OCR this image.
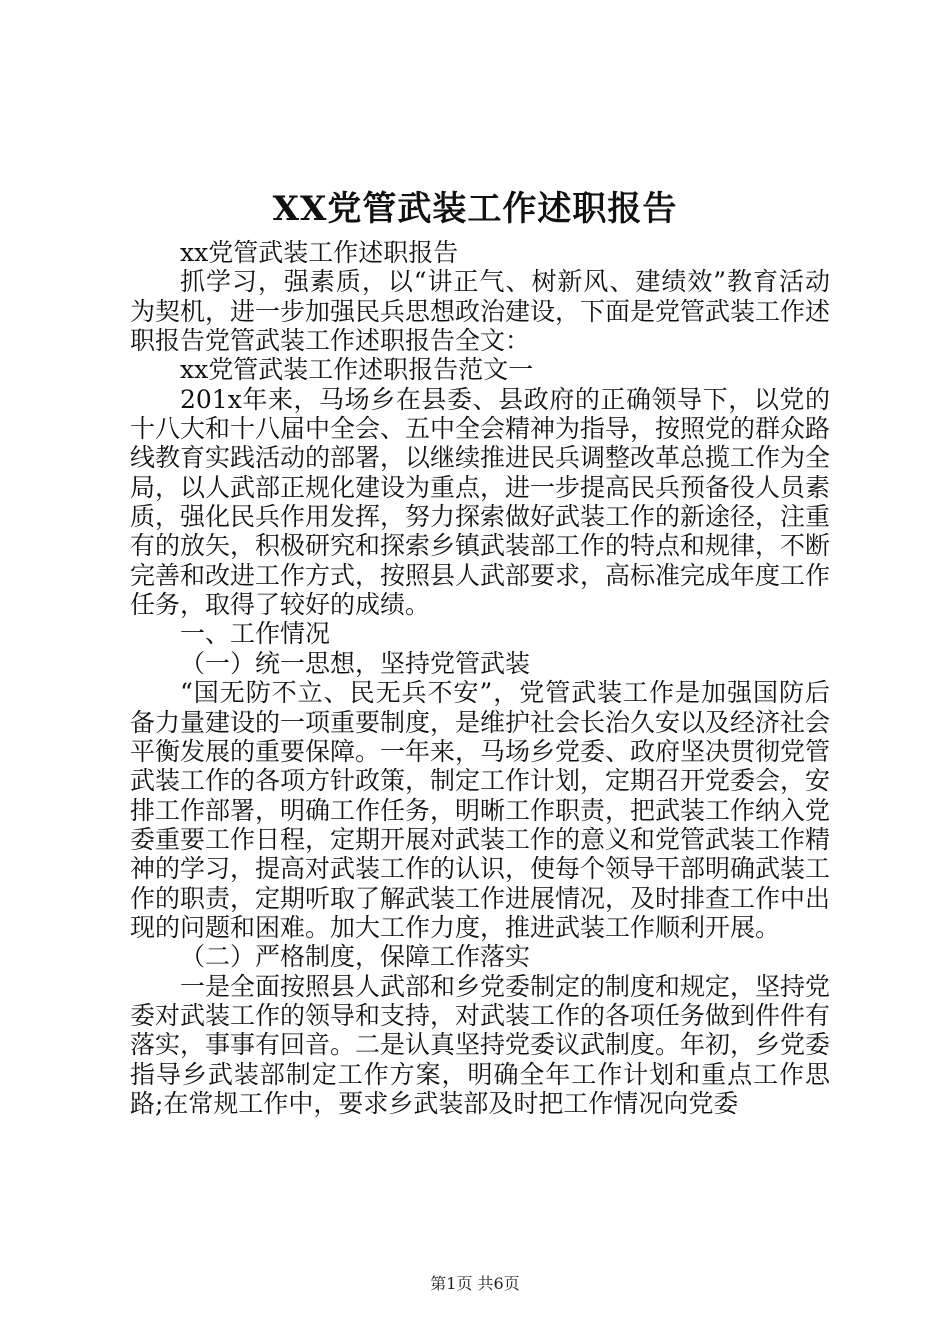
XX党管武装工作述职报告

xx党管武装工作述职报告

抓学习，强素质，以“讲正气、树新风、建绩效”教育活动为契机，进一步加强民兵思想政治建设，下面是党管武装工作述职报告党管武装工作述职报告全文：

xx党管武装工作述职报告范文一

201x年来，马场乡在县委、县政府的正确领导下，以党的十八大和十八届中全会、五中全会精神为指导，按照党的群众路线教育实践活动的部署，以继续推进民兵调整改革总揽工作为全局，以人武部正规化建设为重点，进一步提高民兵预备役人员素质，强化民兵作用发挥，努力探索做好武装工作的新途径，注重有的放矢，积极研究和探索乡镇武装部工作的特点和规律，不断完善和改进工作方式，按照县人武部要求，高标准完成年度工作任务，取得了较好的成绩。

一、工作情况

（一）统一思想，坚持党管武装

“国无防不立、民无兵不安”，党管武装工作是加强国防后备力量建设的一项重要制度，是维护社会长治久安以及经济社会平衡发展的重要保障。一年来，马场乡党委、政府坚决贯彻党管武装工作的各项方针政策，制定工作计划，定期召开党委会，安排工作部署，明确工作任务，明晰工作职责，把武装工作纳入党委重要工作日程，定期开展对武装工作的意义和党管武装工作精神的学习，提高对武装工作的认识，使每个领导干部明确武装工作的职责，定期听取了解武装工作进展情况，及时排查工作中出现的问题和困难。加大工作力度，推进武装工作顺利开展。

（二）严格制度，保障工作落实

一是全面按照县人武部和乡党委制定的制度和规定，坚持党委对武装工作的领导和支持，对武装工作的各项任务做到件件有落实，事事有回音。二是认真坚持党委议武制度。年初，乡党委指导乡武装部制定工作方案，明确全年工作计划和重点工作思路;在常规工作中，要求乡武装部及时把工作情况向党委

第1页 共6页
